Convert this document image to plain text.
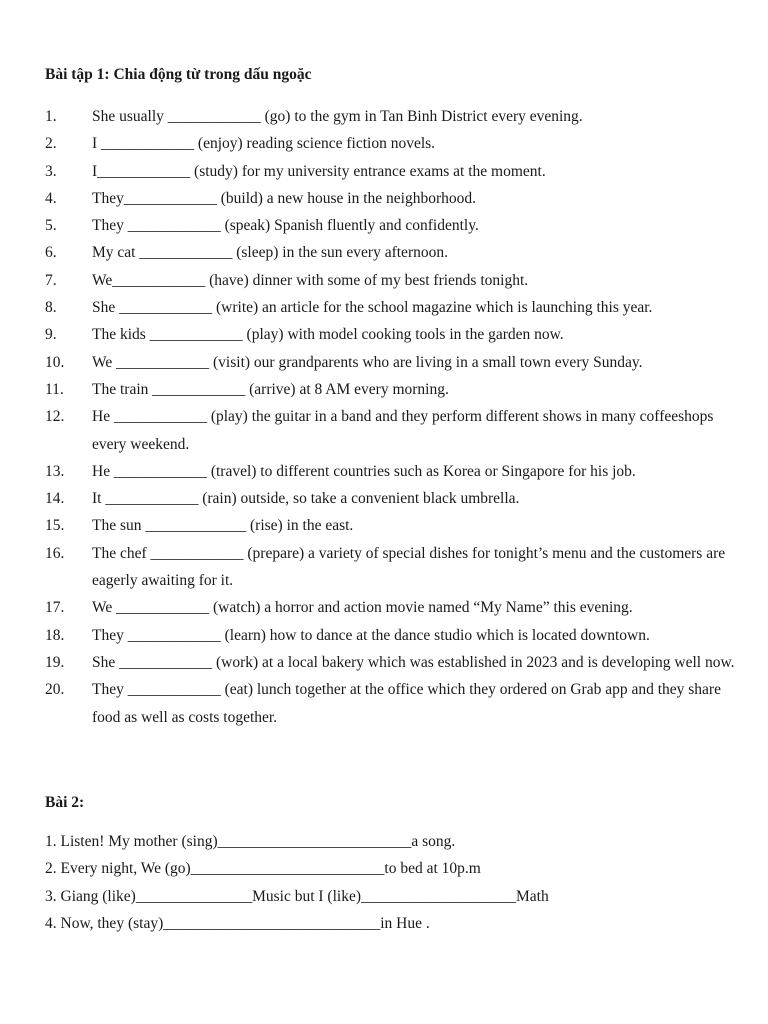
Bài tập 1: Chia động từ trong dấu ngoặc
1.	She usually ____________ (go) to the gym in Tan Binh District every evening.
2.	I ____________ (enjoy) reading science fiction novels.
3.	I____________ (study) for my university entrance exams at the moment.
4.	They____________ (build) a new house in the neighborhood.
5.	They ____________ (speak) Spanish fluently and confidently.
6.	My cat ____________ (sleep) in the sun every afternoon.
7.	We____________ (have) dinner with some of my best friends tonight.
8.	She ____________ (write) an article for the school magazine which is launching this year.
9.	The kids ____________ (play) with model cooking tools in the garden now.
10.	We ____________ (visit) our grandparents who are living in a small town every Sunday.
11.	The train ____________ (arrive) at 8 AM every morning.
12.	He ____________ (play) the guitar in a band and they perform different shows in many coffeeshops every weekend.
13.	He ____________ (travel) to different countries such as Korea or Singapore for his job.
14.	It ____________ (rain) outside, so take a convenient black umbrella.
15.	The sun _____________ (rise) in the east.
16.	The chef ____________ (prepare) a variety of special dishes for tonight’s menu and the customers are eagerly awaiting for it.
17.	We ____________ (watch) a horror and action movie named “My Name” this evening.
18.	They ____________ (learn) how to dance at the dance studio which is located downtown.
19.	She ____________ (work) at a local bakery which was established in 2023 and is developing well now.
20.	They ____________ (eat) lunch together at the office which they ordered on Grab app and they share food as well as costs together.
Bài 2:
1. Listen! My mother (sing)_________________________a song.
2. Every night, We (go)_________________________to bed at 10p.m
3. Giang (like)_______________Music but I (like)____________________Math
4. Now, they (stay)____________________________in Hue .
